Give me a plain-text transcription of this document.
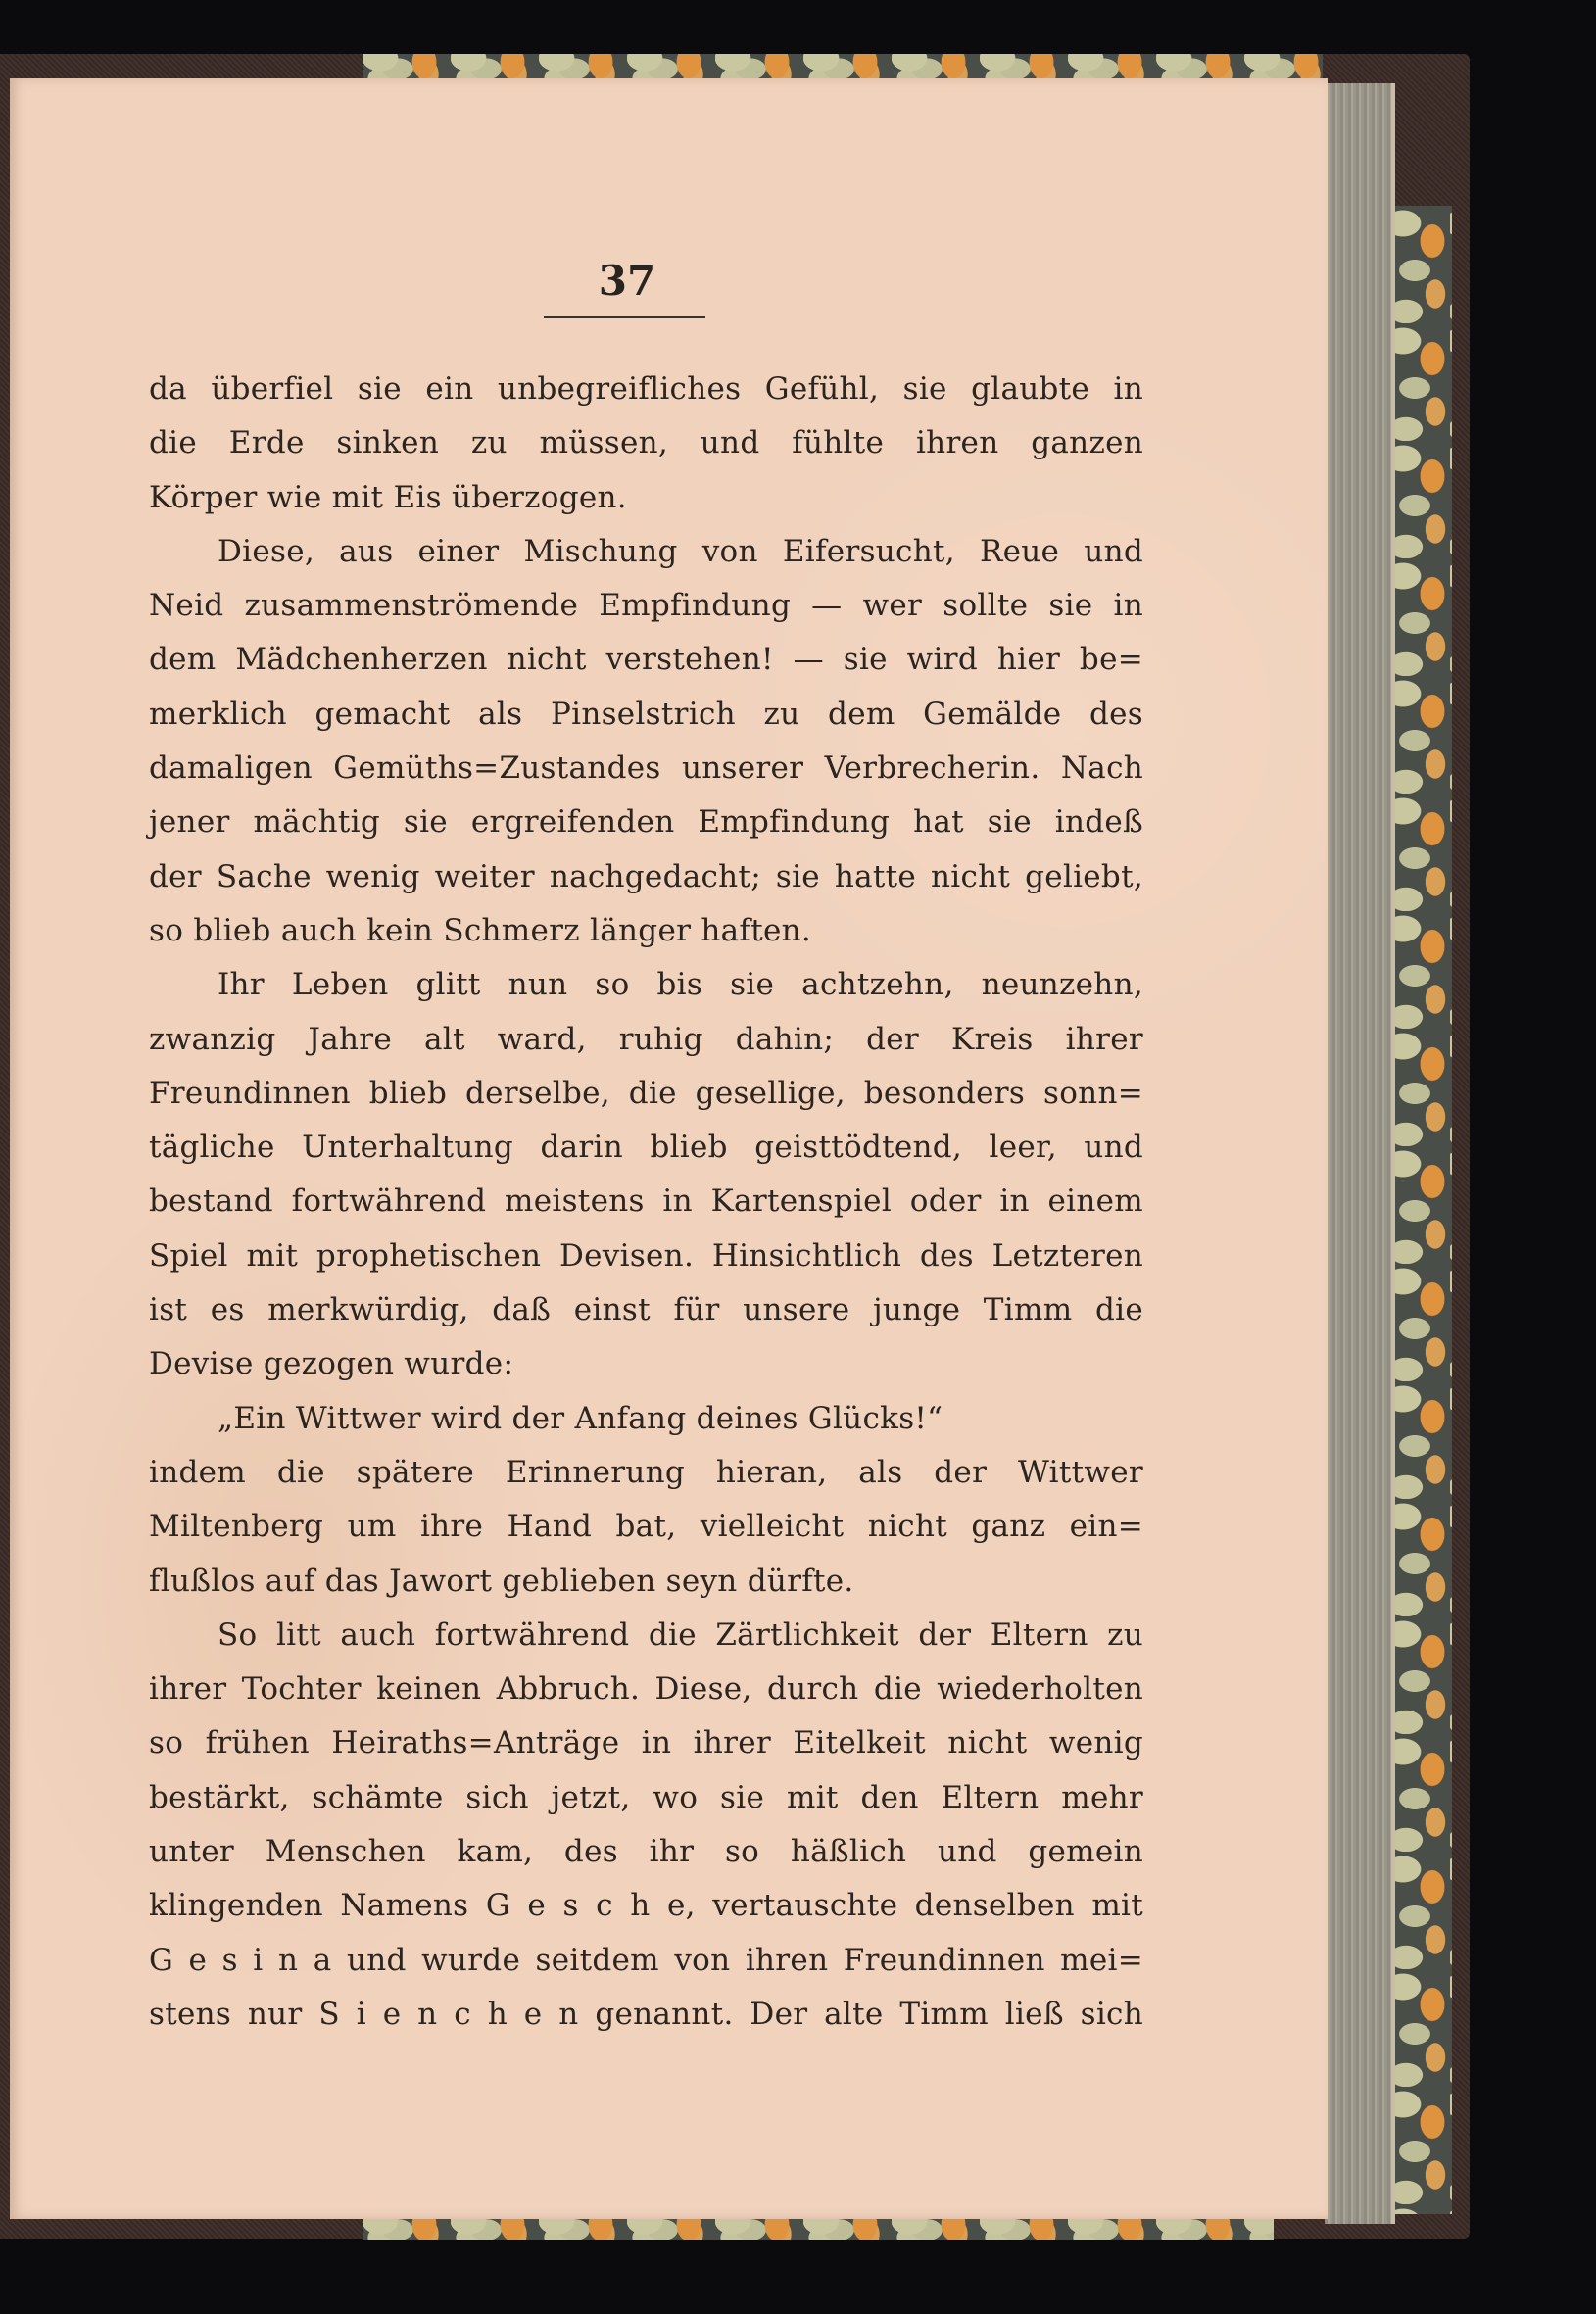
37
da überfiel sie ein unbegreifliches Gefühl, sie glaubte in
die Erde sinken zu müssen, und fühlte ihren ganzen
Körper wie mit Eis überzogen.
Diese, aus einer Mischung von Eifersucht, Reue und
Neid zusammenströmende Empfindung — wer sollte sie in
dem Mädchenherzen nicht verstehen! — sie wird hier be=
merklich gemacht als Pinselstrich zu dem Gemälde des
damaligen Gemüths=Zustandes unserer Verbrecherin. Nach
jener mächtig sie ergreifenden Empfindung hat sie indeß
der Sache wenig weiter nachgedacht; sie hatte nicht geliebt,
so blieb auch kein Schmerz länger haften.
Ihr Leben glitt nun so bis sie achtzehn, neunzehn,
zwanzig Jahre alt ward, ruhig dahin; der Kreis ihrer
Freundinnen blieb derselbe, die gesellige, besonders sonn=
tägliche Unterhaltung darin blieb geisttödtend, leer, und
bestand fortwährend meistens in Kartenspiel oder in einem
Spiel mit prophetischen Devisen. Hinsichtlich des Letzteren
ist es merkwürdig, daß einst für unsere junge Timm die
Devise gezogen wurde:
„Ein Wittwer wird der Anfang deines Glücks!“
indem die spätere Erinnerung hieran, als der Wittwer
Miltenberg um ihre Hand bat, vielleicht nicht ganz ein=
flußlos auf das Jawort geblieben seyn dürfte.
So litt auch fortwährend die Zärtlichkeit der Eltern zu
ihrer Tochter keinen Abbruch. Diese, durch die wiederholten
so frühen Heiraths=Anträge in ihrer Eitelkeit nicht wenig
bestärkt, schämte sich jetzt, wo sie mit den Eltern mehr
unter Menschen kam, des ihr so häßlich und gemein
klingenden Namens G e s c h e, vertauschte denselben mit
G e s i n a und wurde seitdem von ihren Freundinnen mei=
stens nur S i e n c h e n genannt. Der alte Timm ließ sich
